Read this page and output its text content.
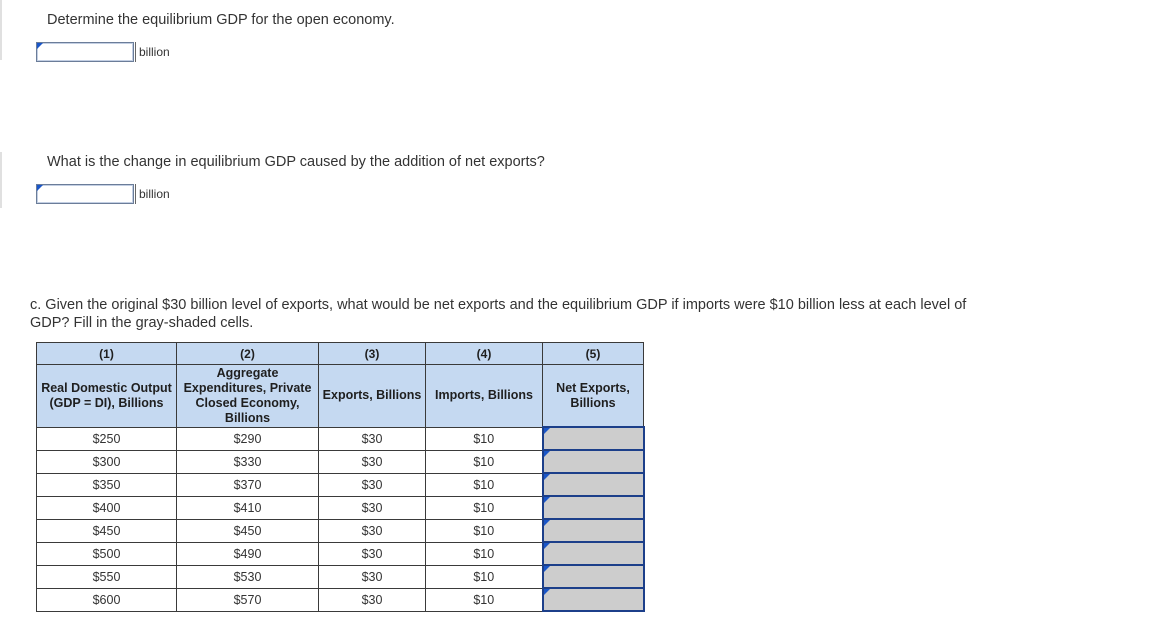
Determine the equilibrium GDP for the open economy.
billion
What is the change in equilibrium GDP caused by the addition of net exports?
billion
c. Given the original $30 billion level of exports, what would be net exports and the equilibrium GDP if imports were $10 billion less at each level of GDP? Fill in the gray-shaded cells.
(1)	(2)	(3)	(4)	(5)
Real Domestic Output (GDP = DI), Billions	Aggregate Expenditures, Private Closed Economy, Billions	Exports, Billions	Imports, Billions	Net Exports, Billions
$250	$290	$30	$10	

$300	$330	$30	$10	

$350	$370	$30	$10	

$400	$410	$30	$10	

$450	$450	$30	$10	

$500	$490	$30	$10	

$550	$530	$30	$10	

$600	$570	$30	$10	
